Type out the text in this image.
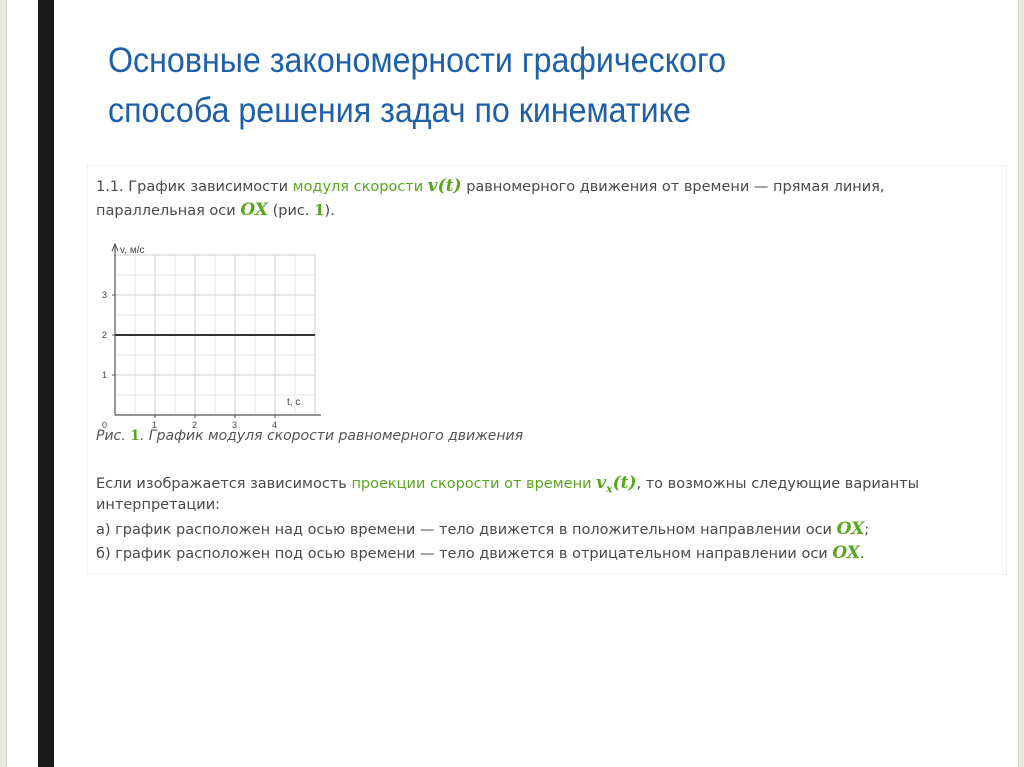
Основные закономерности графического
способа решения задач по кинематике
1.1. График зависимости модуля скорости v(t) равномерного движения от времени — прямая линия,
параллельная оси OX (рис. 1).
v, м/с
t, с
0	1	2	3	4
1
2
3
Рис. 1. График модуля скорости равномерного движения
Если изображается зависимость проекции скорости от времени $v_x(t)$, то возможны следующие варианты
интерпретации:
а) график расположен над осью времени — тело движется в положительном направлении оси OX;
б) график расположен под осью времени — тело движется в отрицательном направлении оси OX.
